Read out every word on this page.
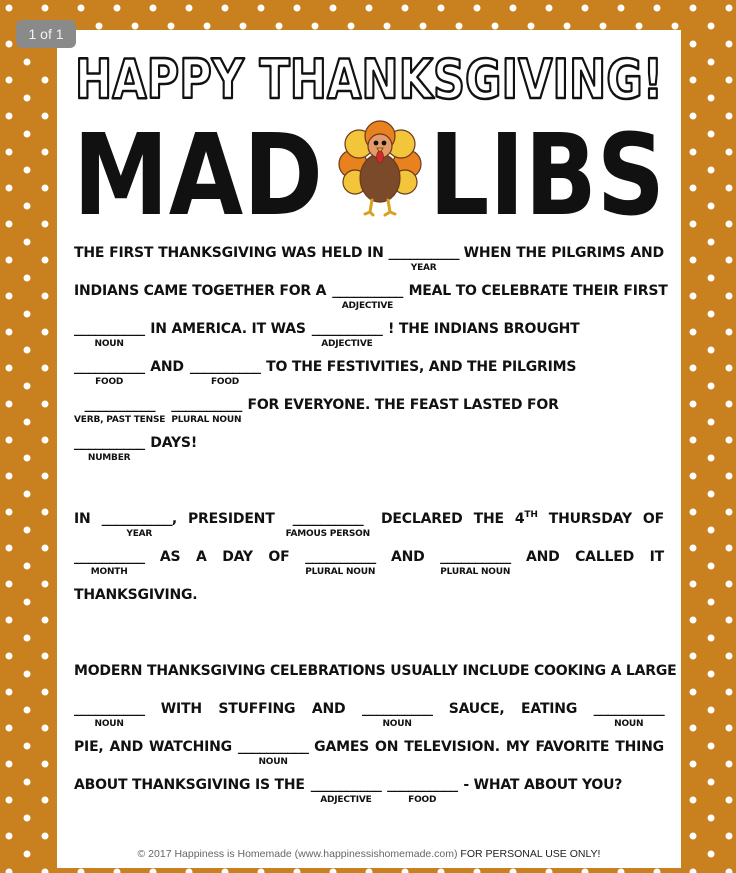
1 of 1
HAPPY THANKSGIVING!
MAD LIBS
THE FIRST THANKSGIVING WAS HELD IN __________
YEAR
WHEN THE PILGRIMS AND
INDIANS CAME TOGETHER FOR A __________
ADJECTIVE
MEAL TO CELEBRATE THEIR FIRST
__________
NOUN
IN AMERICA. IT WAS __________
ADJECTIVE
! THE INDIANS BROUGHT
__________
FOOD
AND __________
FOOD
TO THE FESTIVITIES, AND THE PILGRIMS
__________
VERB, PAST TENSE
__________
PLURAL NOUN
FOR EVERYONE. THE FEAST LASTED FOR
__________
NUMBER
DAYS!
IN __________,
YEAR
PRESIDENT __________
FAMOUS PERSON
DECLARED THE 4TH THURSDAY OF
__________
MONTH
AS A DAY OF __________
PLURAL NOUN
AND __________
PLURAL NOUN
AND CALLED IT
THANKSGIVING.
MODERN THANKSGIVING CELEBRATIONS USUALLY INCLUDE COOKING A LARGE
__________
NOUN
WITH STUFFING AND __________
NOUN
SAUCE, EATING __________
NOUN
PIE, AND WATCHING __________
NOUN
GAMES ON TELEVISION. MY FAVORITE THING
ABOUT THANKSGIVING IS THE __________
ADJECTIVE
__________
FOOD
- WHAT ABOUT YOU?
© 2017 Happiness is Homemade (www.happinessishomemade.com) FOR PERSONAL USE ONLY!
